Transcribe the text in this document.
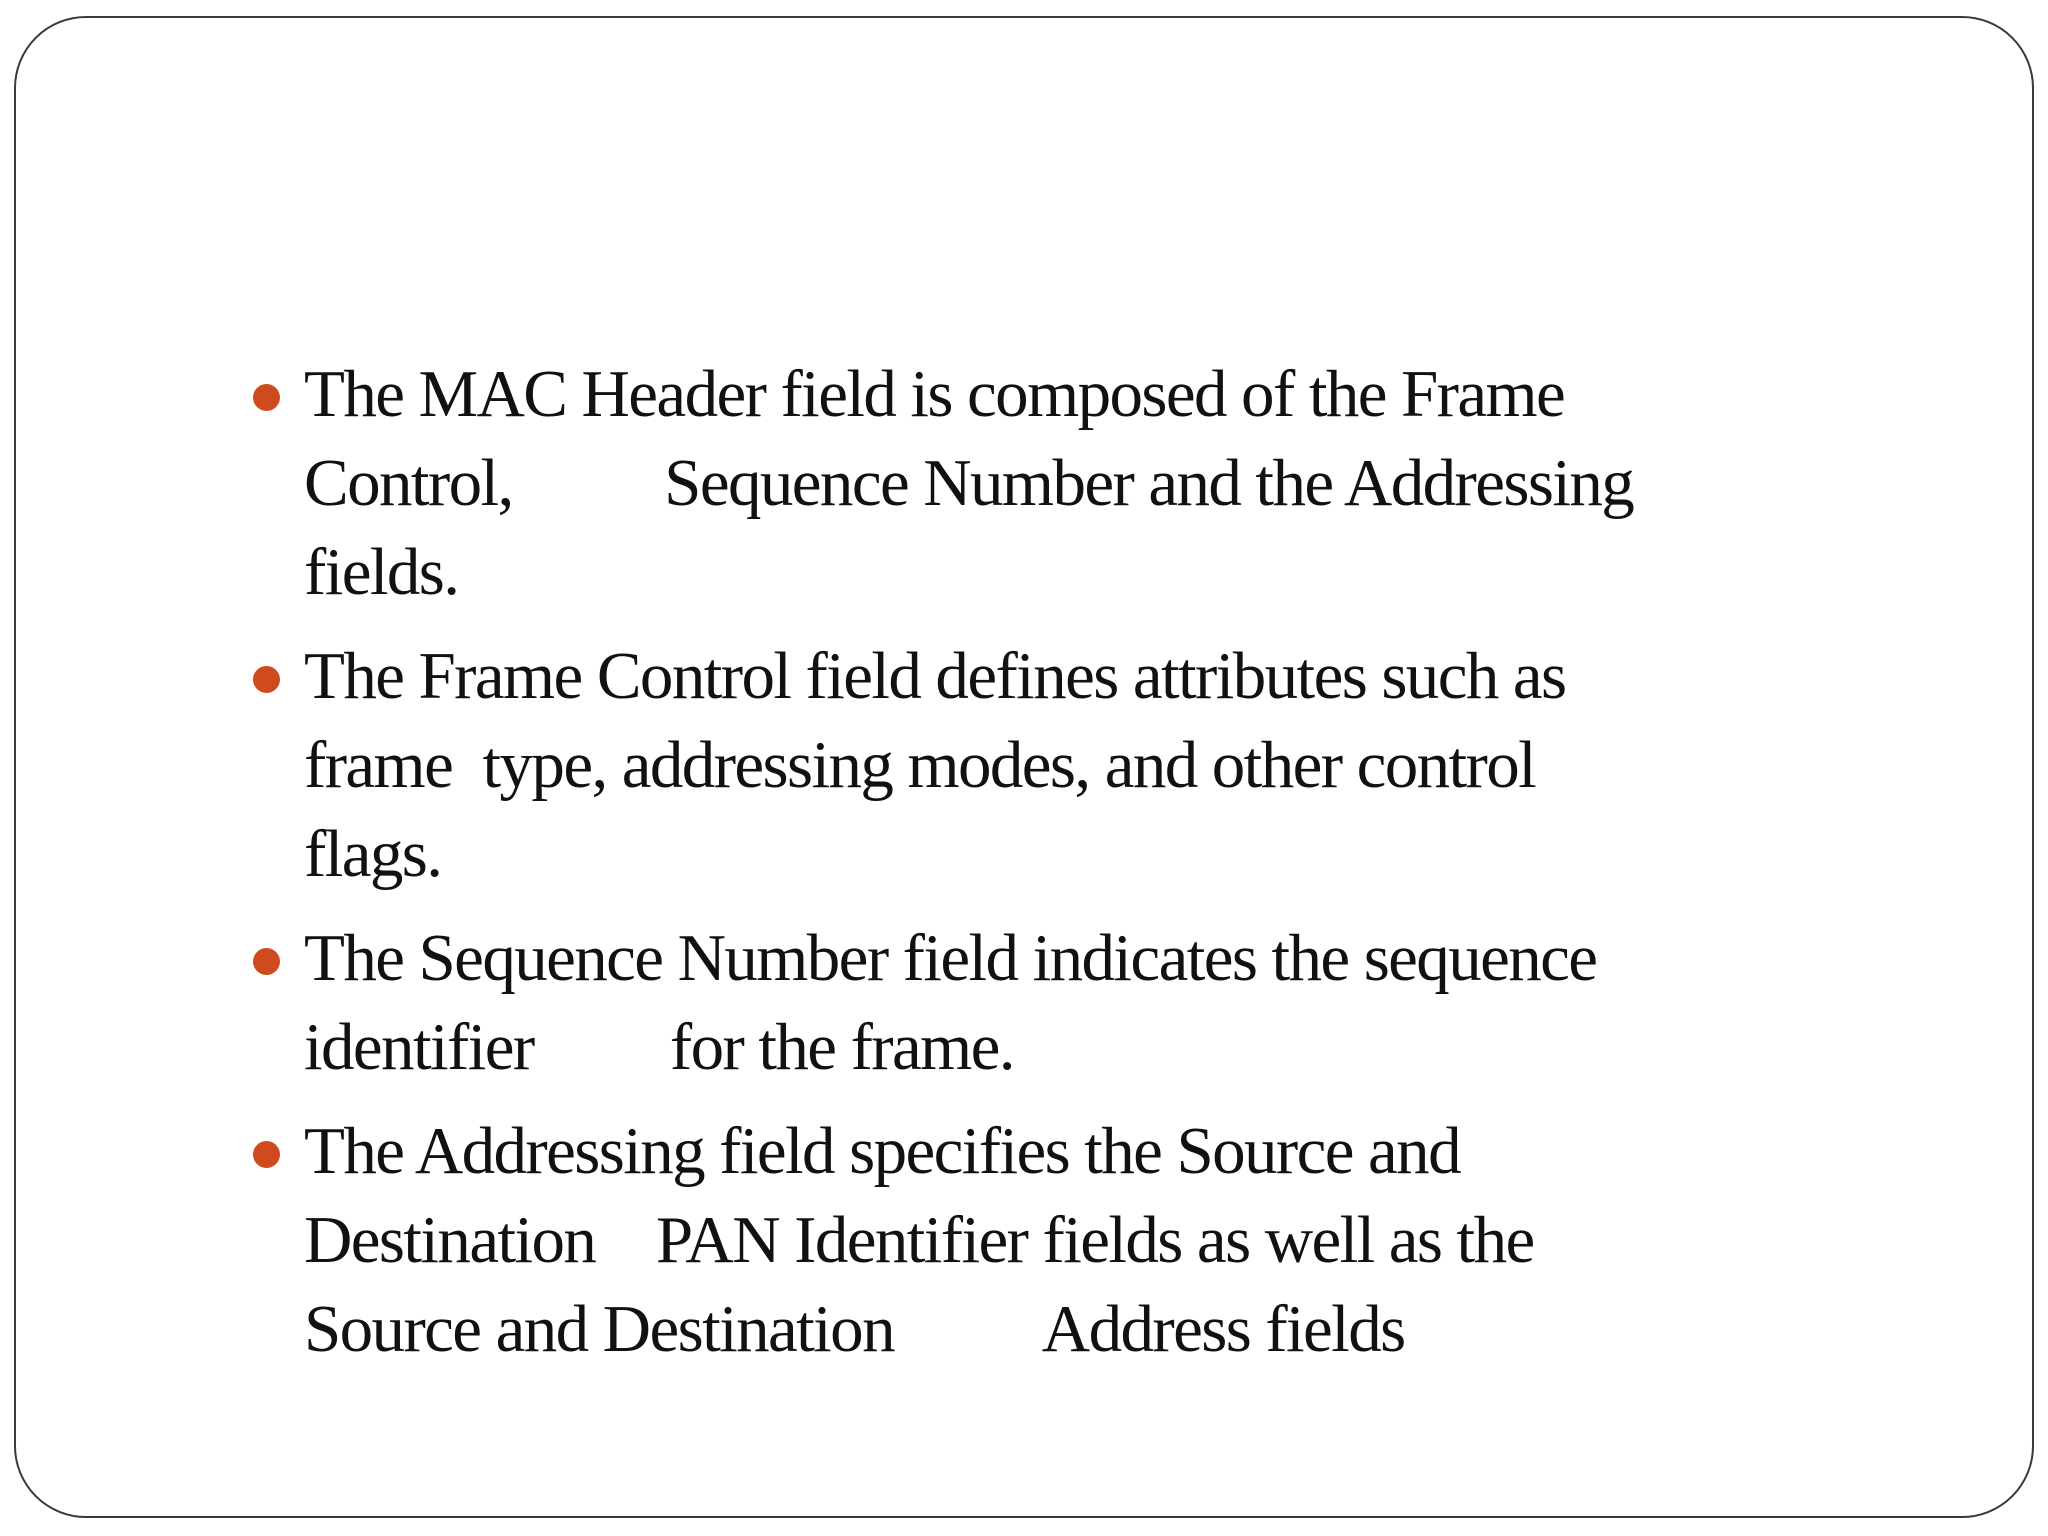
The MAC Header field is composed of the Frame
Control,          Sequence Number and the Addressing
fields.
The Frame Control field defines attributes such as
frame  type, addressing modes, and other control
flags.
The Sequence Number field indicates the sequence
identifier         for the frame.
The Addressing field specifies the Source and
Destination    PAN Identifier fields as well as the
Source and Destination          Address fields
